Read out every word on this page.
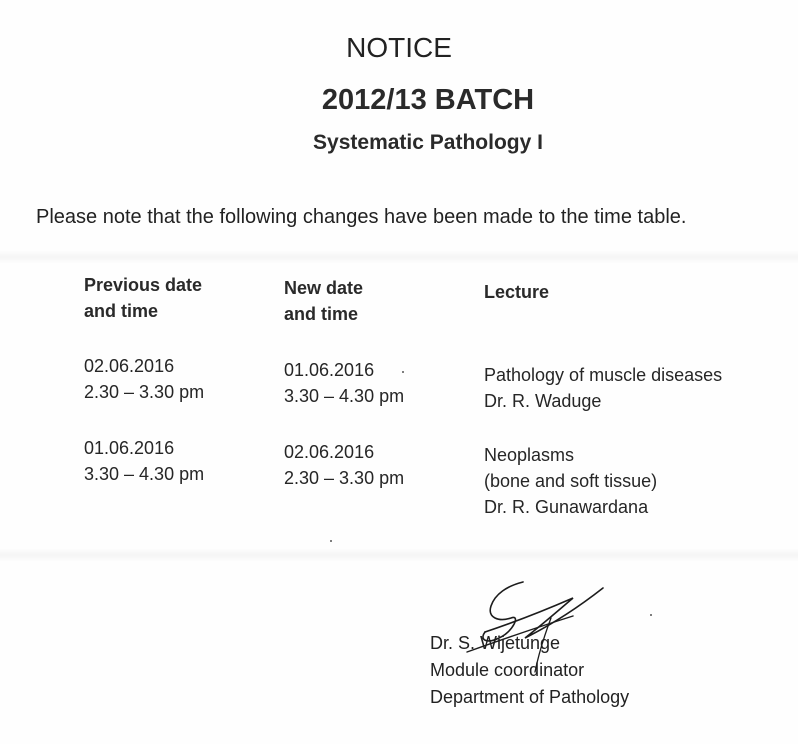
NOTICE
2012/13 BATCH
Systematic Pathology I
Please note that the following changes have been made to the time table.
Previous date
and time
New date
and time
Lecture
02.06.2016
2.30 – 3.30 pm
01.06.2016
3.30 – 4.30 pm
Pathology of muscle diseases
Dr. R. Waduge
01.06.2016
3.30 – 4.30 pm
02.06.2016
2.30 – 3.30 pm
Neoplasms
(bone and soft tissue)
Dr. R. Gunawardana
Dr. S. Wijetunge
Module coordinator
Department of Pathology
